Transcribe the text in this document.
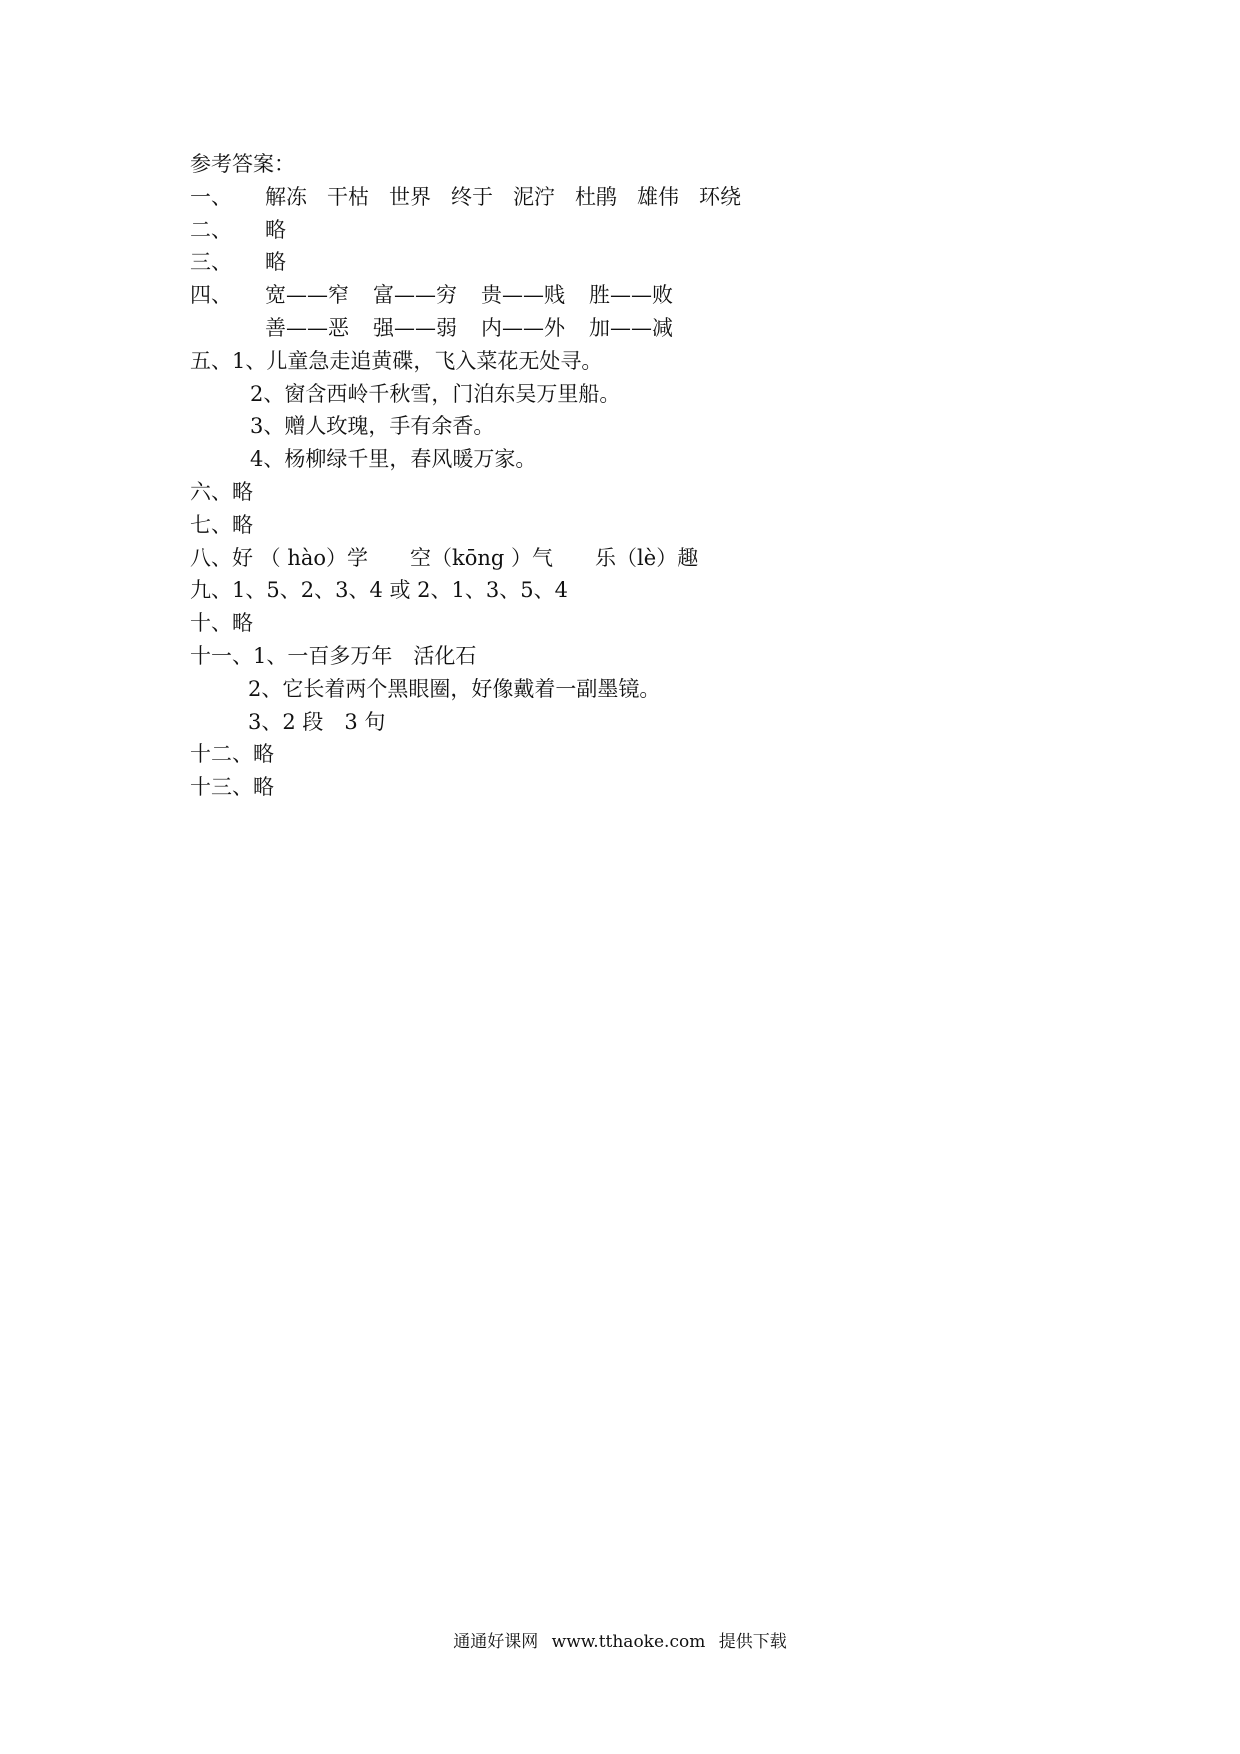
参考答案：
一、 解冻 干枯 世界 终于 泥泞 杜鹃 雄伟 环绕
二、 略
三、 略
四、 宽——窄 富——穷 贵——贱 胜——败
善——恶 强——弱 内——外 加——减
五、1、儿童急走追黄碟，飞入菜花无处寻。
2、窗含西岭千秋雪，门泊东吴万里船。
3、赠人玫瑰，手有余香。
4、杨柳绿千里，春风暖万家。
六、略
七、略
八、好 （ hào）学　　空（kōng ）气　　乐（lè）趣
九、1、5、2、3、4 或 2、1、3、5、4
十、略
十一、1、一百多万年　活化石
2、它长着两个黑眼圈，好像戴着一副墨镜。
3、2 段　3 句
十二、略
十三、略
通通好课网 www.tthaoke.com 提供下载
